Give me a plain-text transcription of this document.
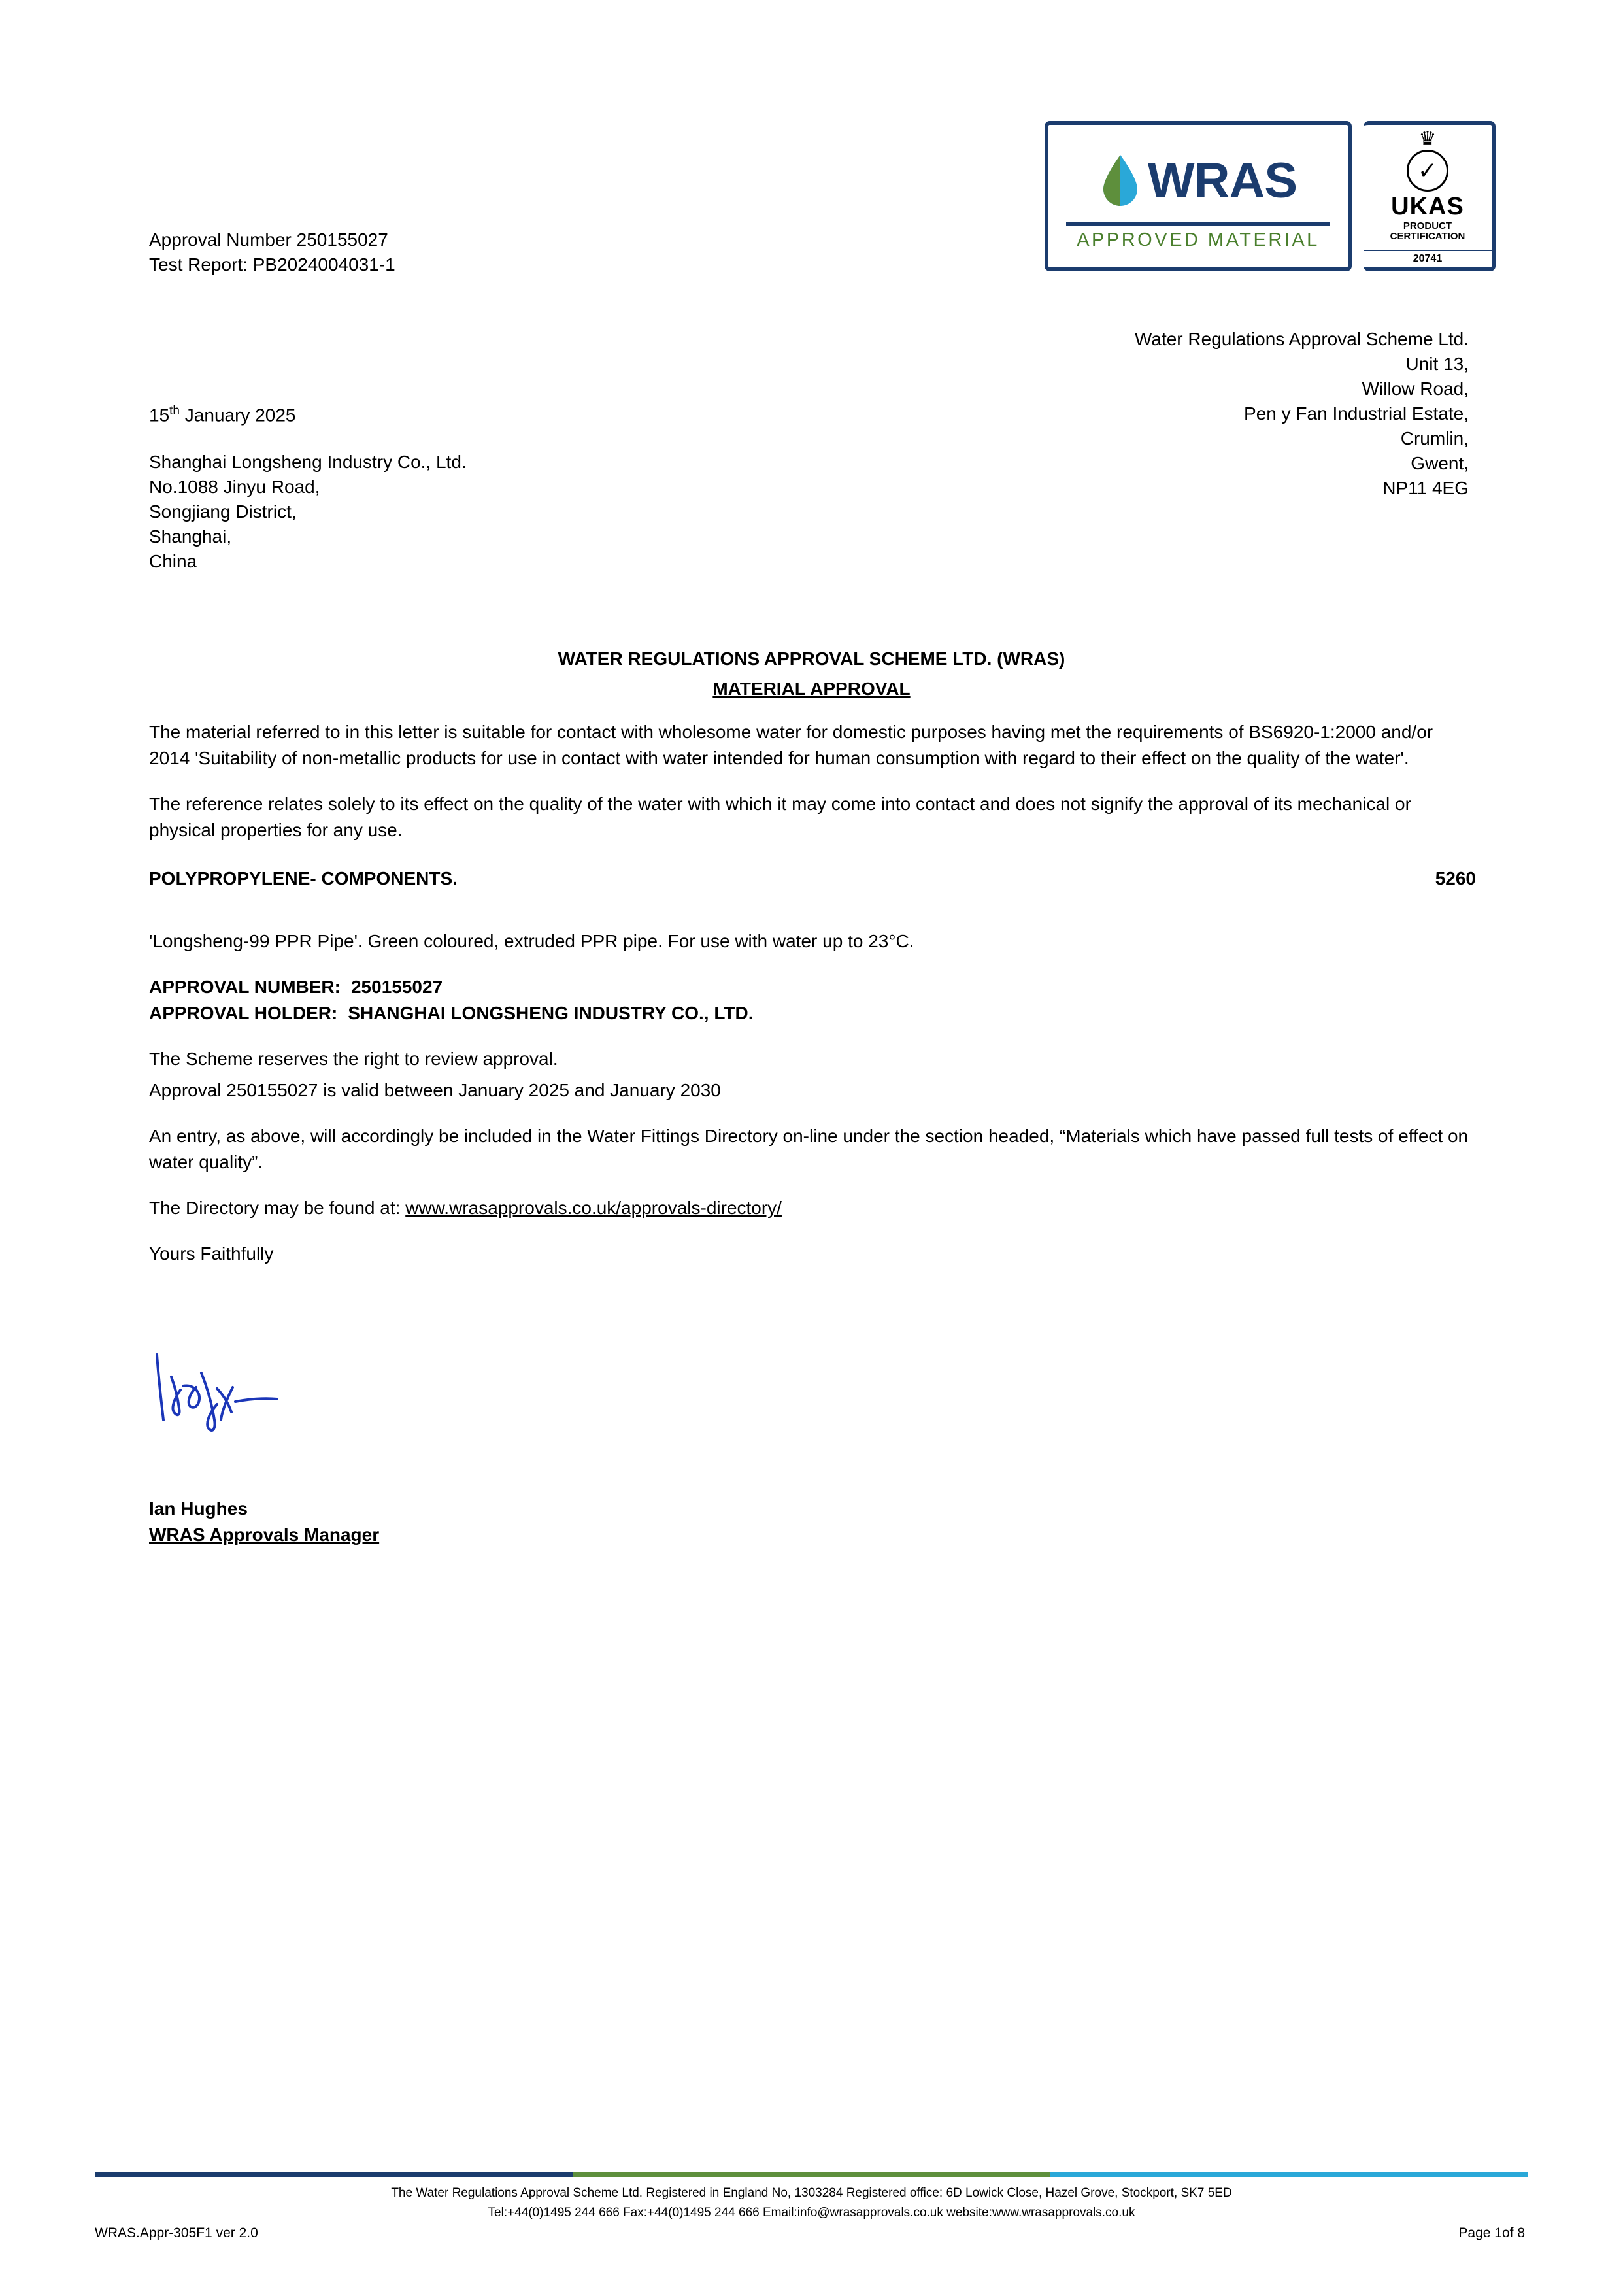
WRAS
APPROVED MATERIAL
♛
✓
UKAS
PRODUCT
CERTIFICATION
20741
Approval Number 250155027
Test Report: PB2024004031-1
Water Regulations Approval Scheme Ltd.
Unit 13,
Willow Road,
Pen y Fan Industrial Estate,
Crumlin,
Gwent,
NP11 4EG
15th January 2025
Shanghai Longsheng Industry Co., Ltd.
No.1088 Jinyu Road,
Songjiang District,
Shanghai,
China
WATER REGULATIONS APPROVAL SCHEME LTD. (WRAS)
MATERIAL APPROVAL

The material referred to in this letter is suitable for contact with wholesome water for domestic purposes having met the requirements of BS6920-1:2000 and/or 2014 'Suitability of non-metallic products for use in contact with water intended for human consumption with regard to their effect on the quality of the water'.

The reference relates solely to its effect on the quality of the water with which it may come into contact and does not signify the approval of its mechanical or physical properties for any use.

POLYPROPYLENE- COMPONENTS.	5260

'Longsheng-99 PPR Pipe'. Green coloured, extruded PPR pipe. For use with water up to 23°C.

APPROVAL NUMBER: 250155027
APPROVAL HOLDER: SHANGHAI LONGSHENG INDUSTRY CO., LTD.

The Scheme reserves the right to review approval.

Approval 250155027 is valid between January 2025 and January 2030

An entry, as above, will accordingly be included in the Water Fittings Directory on-line under the section headed, “Materials which have passed full tests of effect on water quality”.

The Directory may be found at: www.wrasapprovals.co.uk/approvals-directory/

Yours Faithfully

Ian Hughes
WRAS Approvals Manager
The Water Regulations Approval Scheme Ltd. Registered in England No, 1303284 Registered office: 6D Lowick Close, Hazel Grove, Stockport, SK7 5ED
Tel:+44(0)1495 244 666 Fax:+44(0)1495 244 666 Email:info@wrasapprovals.co.uk website:www.wrasapprovals.co.uk
WRAS.Appr-305F1 ver 2.0	Page 1of 8
